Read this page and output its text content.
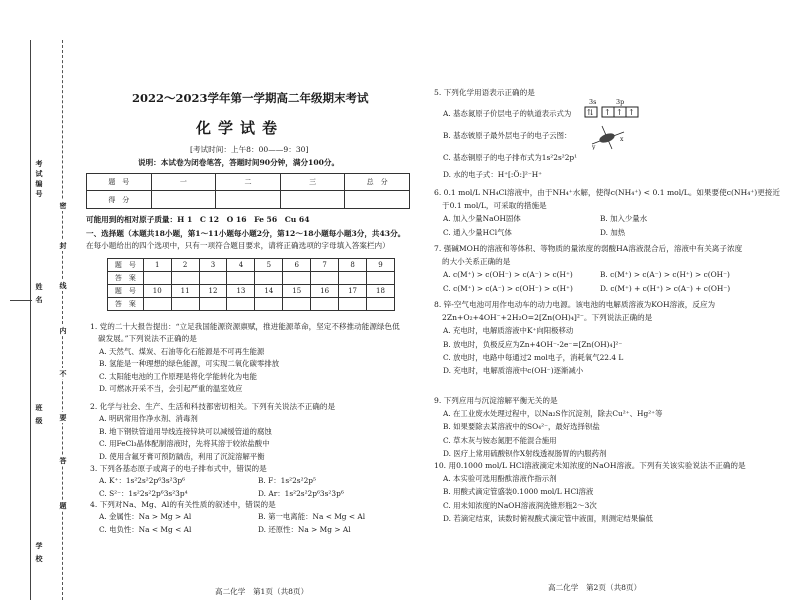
考试编号
姓名
班级
学校
密
封
线
内
不
要
答
题
2022～2023学年第一学期高二年级期末考试
化学试卷
[考试时间：上午8：00——9：30]
说明：本试卷为闭卷笔答，答题时间90分钟，满分100分。
题　号	一	二	三	总　分
得　分				
可能用到的相对原子质量：H 1　C 12　O 16　Fe 56　Cu 64
一、选择题（本题共18小题，第1～11小题每小题2分，第12～18小题每小题3分，共43分。
在每小题给出的四个选项中，只有一项符合题目要求，请将正确选项的字母填入答案栏内）
题　号	1	2	3	4	5	6	7	8	9
答　案									
题　号	10	11	12	13	14	15	16	17	18
答　案									
1. 党的二十大报告提出：“立足我国能源资源禀赋，推进能源革命，坚定不移推动能源绿色低
碳发展。”下列说法不正确的是
A. 天然气、煤炭、石油等化石能源是不可再生能源
B. 氢能是一种理想的绿色能源，可实现二氧化碳零排放
C. 太阳能电池的工作原理是将化学能转化为电能
D. 可燃冰开采不当，会引起严重的温室效应
2. 化学与社会、生产、生活和科技都密切相关。下列有关说法不正确的是
A. 明矾常用作净水剂、消毒剂
B. 地下钢铁管道用导线连接锌块可以减缓管道的腐蚀
C. 用FeCl₃晶体配制溶液时，先将其溶于较浓盐酸中
D. 使用含氟牙膏可预防龋齿，利用了沉淀溶解平衡
3. 下列各基态原子或离子的电子排布式中，错误的是
A. K⁺：1s²2s²2p⁶3s²3p⁶	B. F：1s²2s²2p⁵
C. S²⁻：1s²2s²2p⁶3s²3p⁴	D. Ar：1s²2s²2p⁶3s²3p⁶
4. 下列对Na、Mg、Al的有关性质的叙述中，错误的是
A. 金属性：Na > Mg > Al	B. 第一电离能：Na < Mg < Al
C. 电负性：Na < Mg < Al	D. 还原性：Na > Mg > Al
高二化学　第1页（共8页）
5. 下列化学用语表示正确的是
A. 基态氮原子价层电子的轨道表示式为
B. 基态铍原子最外层电子的电子云图：
C. 基态铜原子的电子排布式为1s²2s²2p¹
D. 水的电子式：H⁺[:Ö:]²⁻H⁺
6. 0.1 mol/L NH₄Cl溶液中，由于NH₄⁺水解，使得c(NH₄⁺) < 0.1 mol/L。如果要使c(NH₄⁺)更接近
于0.1 mol/L，可采取的措施是
A. 加入少量NaOH固体	B. 加入少量水
C. 通入少量HCl气体	D. 加热
7. 强碱MOH的溶液和等体积、等物质的量浓度的弱酸HA溶液混合后，溶液中有关离子浓度
的大小关系正确的是
A. c(M⁺) > c(OH⁻) > c(A⁻) > c(H⁺)	B. c(M⁺) > c(A⁻) > c(H⁺) > c(OH⁻)
C. c(M⁺) > c(A⁻) > c(OH⁻) > c(H⁺)	D. c(M⁺) + c(H⁺) > c(A⁻) + c(OH⁻)
8. 锌-空气电池可用作电动车的动力电源。该电池的电解质溶液为KOH溶液，反应为
2Zn+O₂+4OH⁻+2H₂O=2[Zn(OH)₄]²⁻。下列说法正确的是
A. 充电时，电解质溶液中K⁺向阳极移动
B. 放电时，负极反应为Zn+4OH⁻-2e⁻=[Zn(OH)₄]²⁻
C. 放电时，电路中每通过2 mol电子，消耗氧气22.4 L
D. 充电时，电解质溶液中c(OH⁻)逐渐减小
9. 下列应用与沉淀溶解平衡无关的是
A. 在工业废水处理过程中，以Na₂S作沉淀剂，除去Cu²⁺、Hg²⁺等
B. 如果要除去某溶液中的SO₄²⁻，最好选择钡盐
C. 草木灰与铵态氮肥不能混合施用
D. 医疗上常用硫酸钡作X射线透视肠胃的内服药剂
10. 用0.1000 mol/L HCl溶液滴定未知浓度的NaOH溶液。下列有关该实验说法不正确的是
A. 本实验可选用酚酞溶液作指示剂
B. 用酸式滴定管盛装0.1000 mol/L HCl溶液
C. 用未知浓度的NaOH溶液润洗锥形瓶2～3次
D. 若滴定结束，读数时俯视酸式滴定管中液面，则测定结果偏低
3s	3p
⇅ ↑ ↑ ↑
x
y
高二化学　第2页（共8页）
